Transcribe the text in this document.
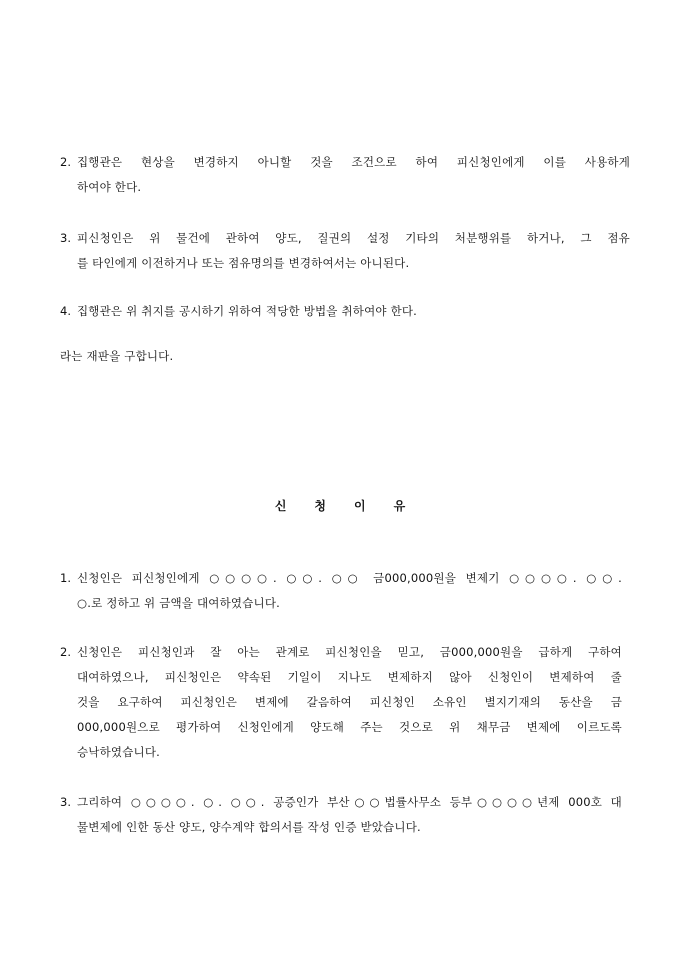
2. 집행관은 현상을 변경하지 아니할 것을 조건으로 하여 피신청인에게 이를 사용하게
하여야 한다.
3. 피신청인은 위 물건에 관하여 양도, 질권의 설정 기타의 처분행위를 하거나, 그 점유
를 타인에게 이전하거나 또는 점유명의를 변경하여서는 아니된다.
4. 집행관은 위 취지를 공시하기 위하여 적당한 방법을 취하여야 한다.
라는 재판을 구합니다.
신청이유
1. 신청인은 피신청인에게 ○○○○. ○○. ○○ 금000,000원을 변제기 ○○○○. ○○.
○.로 정하고 위 금액을 대여하였습니다.
2. 신청인은 피신청인과 잘 아는 관계로 피신청인을 믿고, 금000,000원을 급하게 구하여
대여하였으나, 피신청인은 약속된 기일이 지나도 변제하지 않아 신청인이 변제하여 줄
것을 요구하여 피신청인은 변제에 갈음하여 피신청인 소유인 별지기재의 동산을 금
000,000원으로 평가하여 신청인에게 양도해 주는 것으로 위 채무금 변제에 이르도록
승낙하였습니다.
3. 그리하여 ○○○○. ○. ○○. 공증인가 부산○○법률사무소 등부○○○○년제 000호 대
물변제에 인한 동산 양도, 양수계약 합의서를 작성 인증 받았습니다.
